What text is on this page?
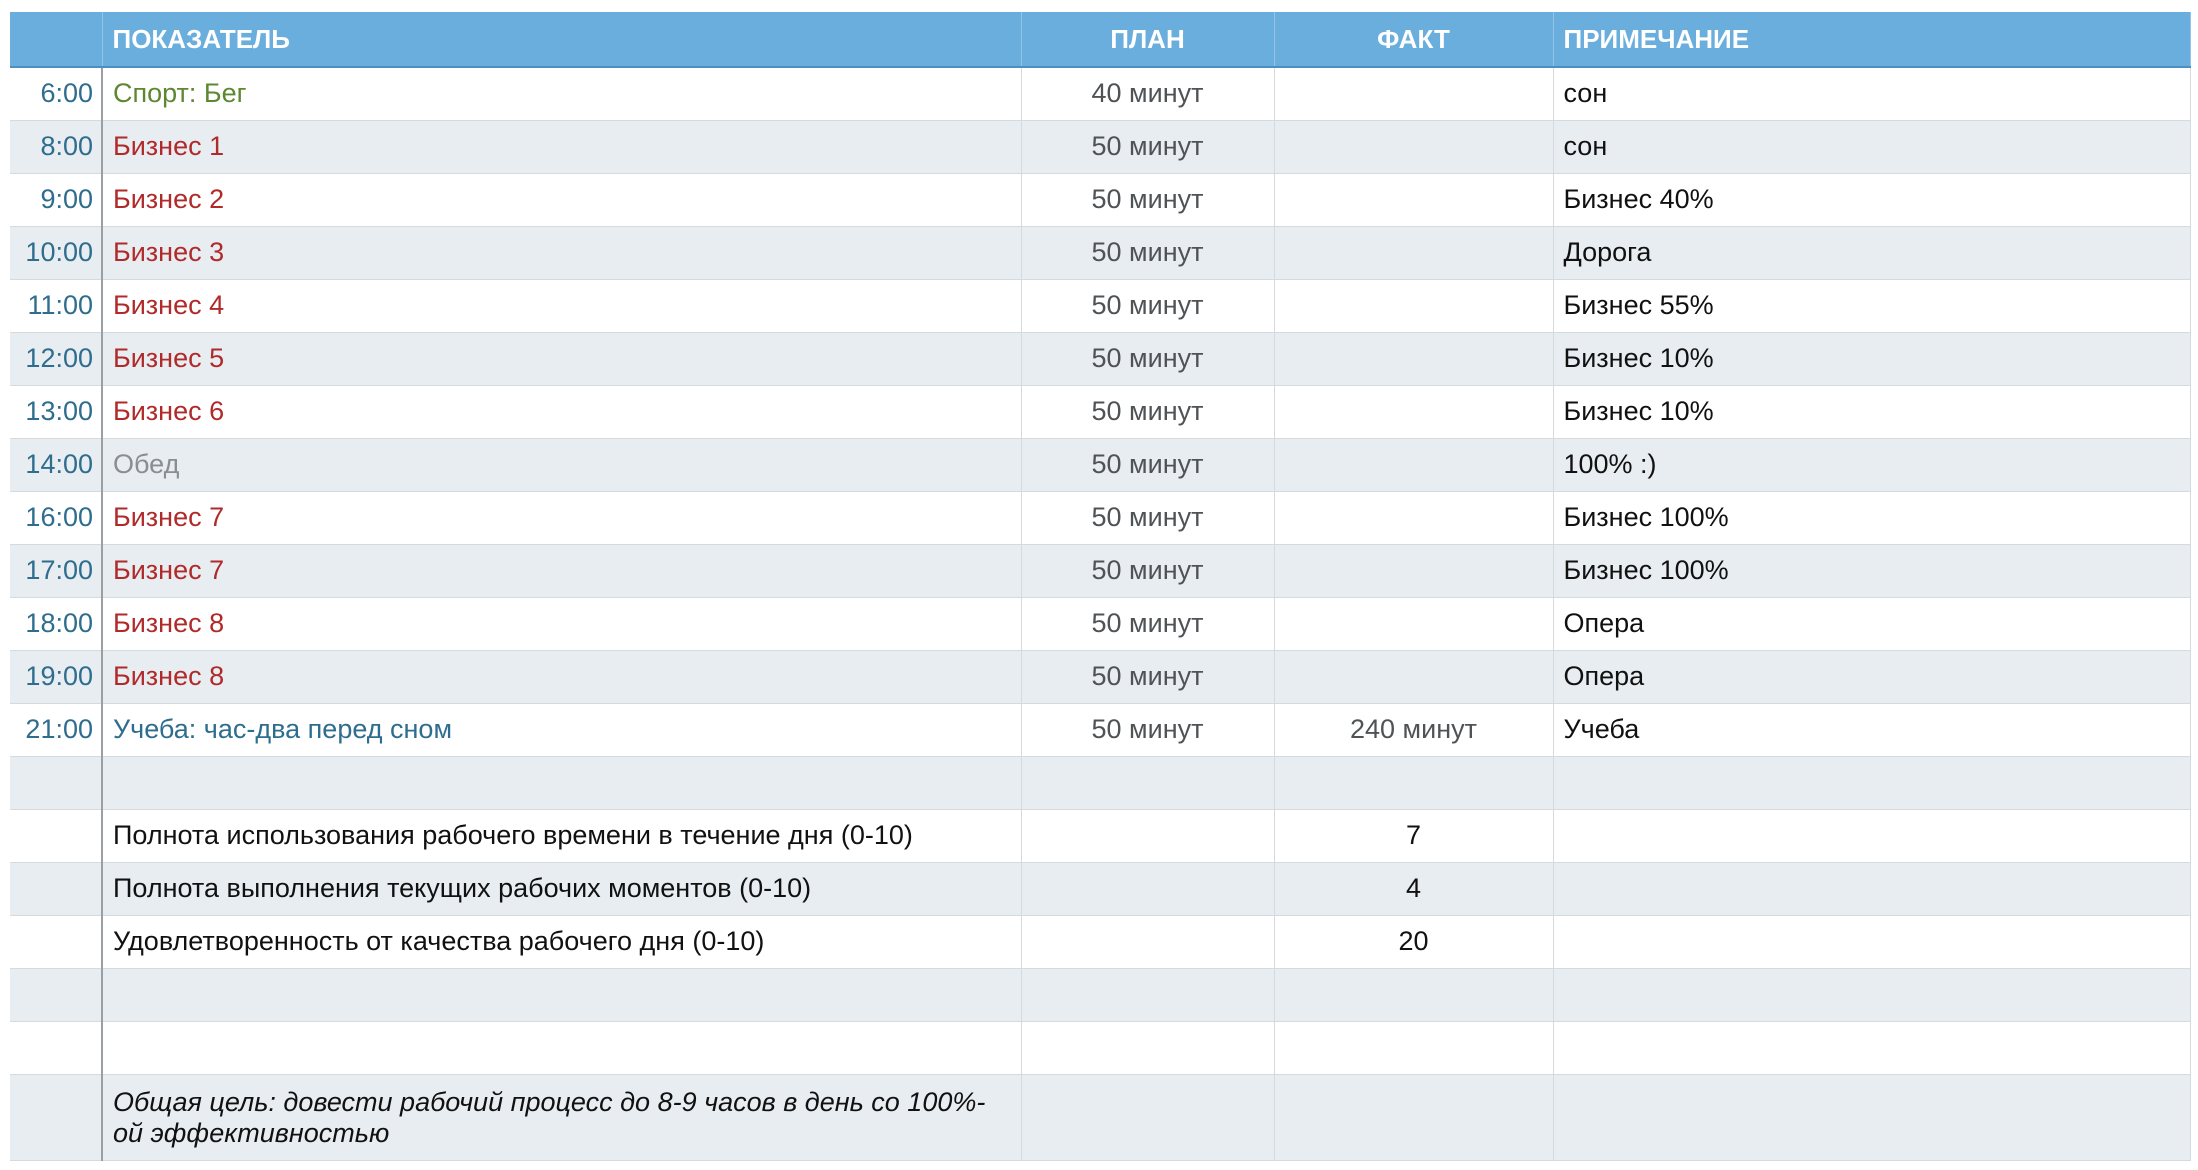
	ПОКАЗАТЕЛЬ	ПЛАН	ФАКТ	ПРИМЕЧАНИЕ
6:00	Спорт: Бег	40 минут		сон
8:00	Бизнес 1	50 минут		сон
9:00	Бизнес 2	50 минут		Бизнес 40%
10:00	Бизнес 3	50 минут		Дорога
11:00	Бизнес 4	50 минут		Бизнес 55%
12:00	Бизнес 5	50 минут		Бизнес 10%
13:00	Бизнес 6	50 минут		Бизнес 10%
14:00	Обед	50 минут		100% :)
16:00	Бизнес 7	50 минут		Бизнес 100%
17:00	Бизнес 7	50 минут		Бизнес 100%
18:00	Бизнес 8	50 минут		Опера
19:00	Бизнес 8	50 минут		Опера
21:00	Учеба: час-два перед сном	50 минут	240 минут	Учеба

	Полнота использования рабочего времени в течение дня (0-10)		7	
	Полнота выполнения текущих рабочих моментов (0-10)		4	
	Удовлетворенность от качества рабочего дня (0-10)		20	

	Общая цель: довести рабочий процесс до 8-9 часов в день со 100%-ой эффективностью			
